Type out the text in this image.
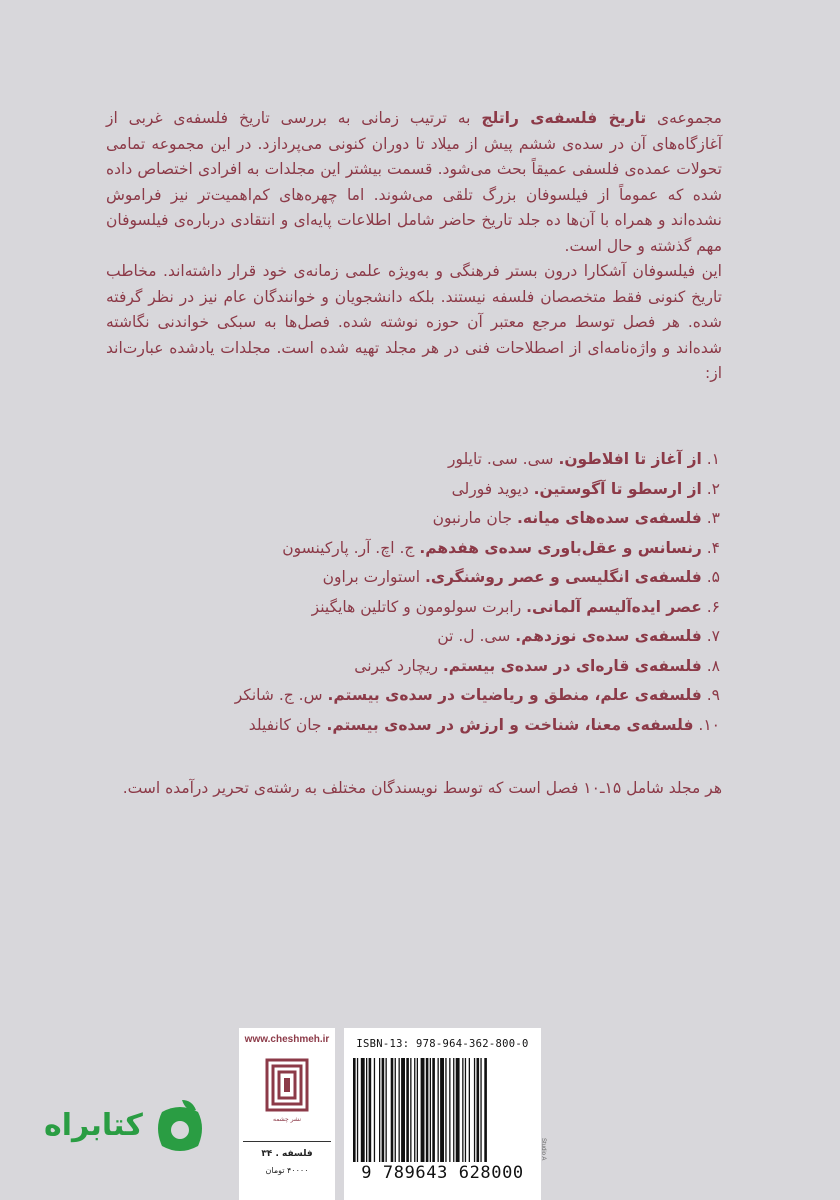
مجموعه‌ی تاریخ فلسفه‌ی راتلج به ترتیب زمانی به بررسی تاریخ فلسفه‌ی غربی از آغازگاه‌های آن در سده‌ی ششم پیش از میلاد تا دوران کنونی می‌پردازد. در این مجموعه تمامی تحولات عمده‌ی فلسفی عمیقاً بحث می‌شود. قسمت بیشتر این مجلدات به افرادی اختصاص داده شده که عموماً از فیلسوفان بزرگ تلقی می‌شوند. اما چهره‌های کم‌اهمیت‌تر نیز فراموش نشده‌اند و همراه با آن‌ها ده جلد تاریخ حاضر شامل اطلاعات پایه‌ای و انتقادی درباره‌ی فیلسوفان مهم گذشته و حال است.

این فیلسوفان آشکارا درون بستر فرهنگی و به‌ویژه علمی زمانه‌ی خود قرار داشته‌اند. مخاطب تاریخ کنونی فقط متخصصان فلسفه نیستند. بلکه دانشجویان و خوانندگان عام نیز در نظر گرفته شده. هر فصل توسط مرجع معتبر آن حوزه نوشته شده. فصل‌ها به سبکی خواندنی نگاشته شده‌اند و واژه‌نامه‌ای از اصطلاحات فنی در هر مجلد تهیه شده است. مجلدات یادشده عبارت‌اند از:

۱. از آغاز تا افلاطون. سی. سی. تایلور
۲. از ارسطو تا آگوستین. دیوید فورلی
۳. فلسفه‌ی سده‌های میانه. جان مارنبون
۴. رنسانس و عقل‌باوری سده‌ی هفدهم. ج. اچ. آر. پارکینسون
۵. فلسفه‌ی انگلیسی و عصر روشنگری. استوارت براون
۶. عصر ایده‌آلیسم آلمانی. رابرت سولومون و کاتلین هایگینز
۷. فلسفه‌ی سده‌ی نوزدهم. سی. ل. تن
۸. فلسفه‌ی قاره‌ای در سده‌ی بیستم. ریچارد کیرنی
۹. فلسفه‌ی علم، منطق و ریاضیات در سده‌ی بیستم. س. ج. شانکر
۱۰. فلسفه‌ی معنا، شناخت و ارزش در سده‌ی بیستم. جان کانفیلد
هر مجلد شامل ۱۵ـ۱۰ فصل است که توسط نویسندگان مختلف به رشته‌ی تحریر درآمده است.
www.cheshmeh.ir
نشر چشمه
فلسفه . ۳۴
۴۰۰۰۰ تومان
ISBN-13: 978-964-362-800-0
9 789643 628000
Studio A
کتابراه
